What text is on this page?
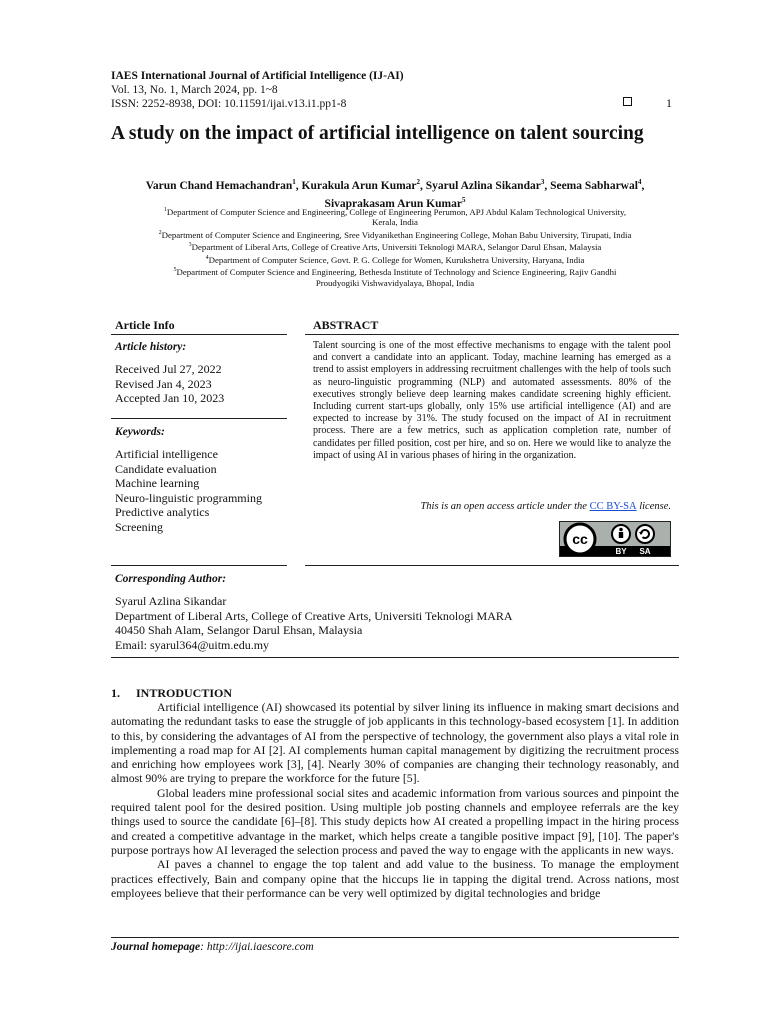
IAES International Journal of Artificial Intelligence (IJ-AI)
Vol. 13, No. 1, March 2024, pp. 1~8
ISSN: 2252-8938, DOI: 10.11591/ijai.v13.i1.pp1-8	1
A study on the impact of artificial intelligence on talent sourcing
Varun Chand Hemachandran$^1$, Kurakula Arun Kumar$^2$, Syarul Azlina Sikandar$^3$, Seema Sabharwal$^4$,
Sivaprakasam Arun Kumar$^5$
$^1$Department of Computer Science and Engineering, College of Engineering Perumon, APJ Abdul Kalam Technological University,
Kerala, India
$^2$Department of Computer Science and Engineering, Sree Vidyanikethan Engineering College, Mohan Babu University, Tirupati, India
$^3$Department of Liberal Arts, College of Creative Arts, Universiti Teknologi MARA, Selangor Darul Ehsan, Malaysia
$^4$Department of Computer Science, Govt. P. G. College for Women, Kurukshetra University, Haryana, India
$^5$Department of Computer Science and Engineering, Bethesda Institute of Technology and Science Engineering, Rajiv Gandhi
Proudyogiki Vishwavidyalaya, Bhopal, India
Article Info
Article history:
Received Jul 27, 2022
Revised Jan 4, 2023
Accepted Jan 10, 2023
Keywords:
Artificial intelligence
Candidate evaluation
Machine learning
Neuro-linguistic programming
Predictive analytics
Screening
ABSTRACT
Talent sourcing is one of the most effective mechanisms to engage with the talent pool and convert a candidate into an applicant. Today, machine learning has emerged as a trend to assist employers in addressing recruitment challenges with the help of tools such as neuro-linguistic programming (NLP) and automated assessments. 80% of the executives strongly believe deep learning makes candidate screening highly efficient. Including current start-ups globally, only 15% use artificial intelligence (AI) and are expected to increase by 31%. The study focused on the impact of AI in recruitment process. There are a few metrics, such as application completion rate, number of candidates per filled position, cost per hire, and so on. Here we would like to analyze the impact of using AI in various phases of hiring in the organization.
This is an open access article under the CC BY-SA license.
cc
BY SA
Corresponding Author:
Syarul Azlina Sikandar
Department of Liberal Arts, College of Creative Arts, Universiti Teknologi MARA
40450 Shah Alam, Selangor Darul Ehsan, Malaysia
Email: syarul364@uitm.edu.my
1. INTRODUCTION
Artificial intelligence (AI) showcased its potential by silver lining its influence in making smart decisions and automating the redundant tasks to ease the struggle of job applicants in this technology-based ecosystem [1]. In addition to this, by considering the advantages of AI from the perspective of technology, the government also plays a vital role in implementing a road map for AI [2]. AI complements human capital management by digitizing the recruitment process and enriching how employees work [3], [4]. Nearly 30% of companies are changing their technology reasonably, and almost 90% are trying to prepare the workforce for the future [5].
Global leaders mine professional social sites and academic information from various sources and pinpoint the required talent pool for the desired position. Using multiple job posting channels and employee referrals are the key things used to source the candidate [6]–[8]. This study depicts how AI created a propelling impact in the hiring process and created a competitive advantage in the market, which helps create a tangible positive impact [9], [10]. The paper's purpose portrays how AI leveraged the selection process and paved the way to engage with the applicants in new ways.
AI paves a channel to engage the top talent and add value to the business. To manage the employment practices effectively, Bain and company opine that the hiccups lie in tapping the digital trend. Across nations, most employees believe that their performance can be very well optimized by digital technologies and bridge
Journal homepage: http://ijai.iaescore.com
